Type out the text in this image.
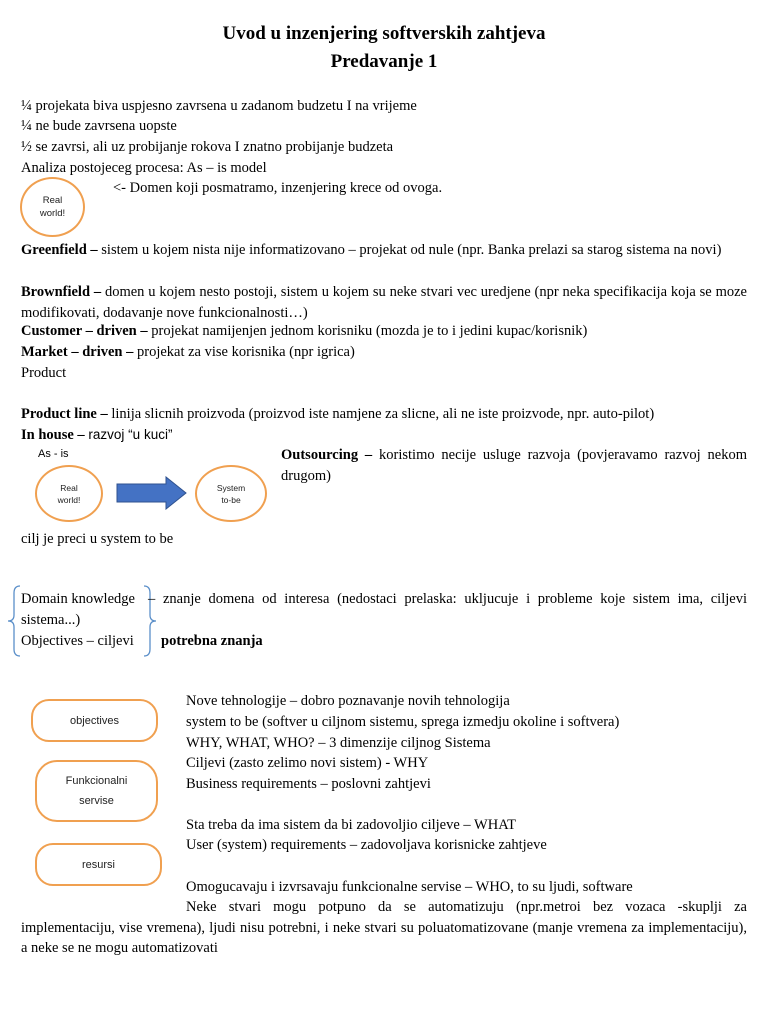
Uvod u inzenjering softverskih zahtjeva
Predavanje 1
¼ projekata biva uspjesno zavrsena u zadanom budzetu I na vrijeme
¼ ne bude zavrsena uopste
½ se zavrsi, ali uz probijanje rokova I znatno probijanje budzeta
Analiza postojeceg procesa: As – is model
Real
world!
<- Domen koji posmatramo, inzenjering krece od ovoga.
Greenfield – sistem u kojem nista nije informatizovano – projekat od nule (npr. Banka prelazi sa starog sistema na novi)
Brownfield – domen u kojem nesto postoji, sistem u kojem su neke stvari vec uredjene (npr neka specifikacija koja se moze modifikovati, dodavanje nove funkcionalnosti…)
Customer – driven – projekat namijenjen jednom korisniku (mozda je to i jedini kupac/korisnik)
Market – driven – projekat za vise korisnika (npr igrica)
Product
Product line – linija slicnih proizvoda (proizvod iste namjene za slicne, ali ne iste proizvode, npr. auto-pilot)
In house – razvoj “u kuci”
As - is
Real
world!
System
to-be
Outsourcing – koristimo necije usluge razvoja (povjeravamo razvoj nekom drugom)
cilj je preci u system to be
Domain knowledge – znanje domena od interesa (nedostaci prelaska: ukljucuje i probleme koje sistem ima, ciljevi
sistema...)
Objectives – ciljevi potrebna znanja
objectives
Funkcionalni
servise
resursi
Nove tehnologije – dobro poznavanje novih tehnologija
system to be (softver u ciljnom sistemu, sprega izmedju okoline i softvera)
WHY, WHAT, WHO? – 3 dimenzije ciljnog Sistema
Ciljevi (zasto zelimo novi sistem) - WHY
Business requirements – poslovni zahtjevi
Sta treba da ima sistem da bi zadovoljio ciljeve – WHAT
User (system) requirements – zadovoljava korisnicke zahtjeve
Omogucavaju i izvrsavaju funkcionalne servise – WHO, to su ljudi, software
Neke stvari mogu potpuno da se automatizuju (npr.metroi bez vozaca -skuplji za implementaciju, vise vremena), ljudi nisu potrebni, i neke stvari su poluatomatizovane (manje vremena za implementaciju), a neke se ne mogu automatizovati
